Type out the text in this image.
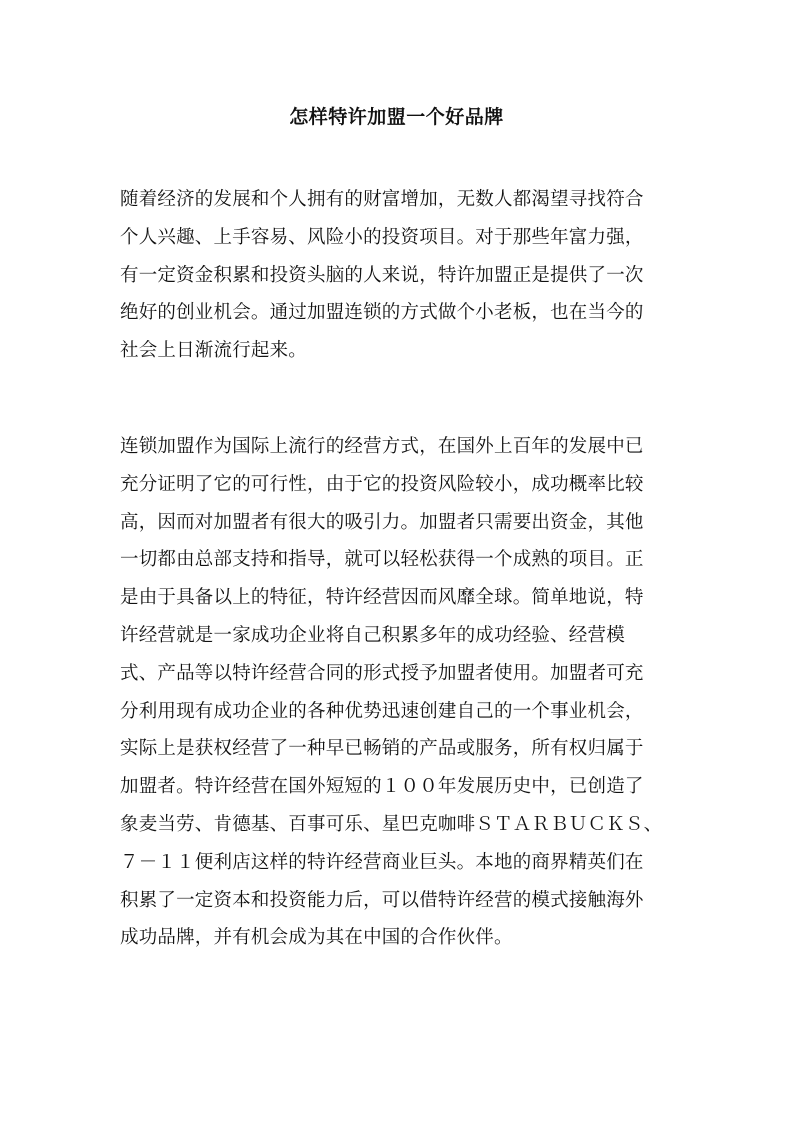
怎样特许加盟一个好品牌
随着经济的发展和个人拥有的财富增加，无数人都渴望寻找符合
个人兴趣、上手容易、风险小的投资项目。对于那些年富力强，
有一定资金积累和投资头脑的人来说，特许加盟正是提供了一次
绝好的创业机会。通过加盟连锁的方式做个小老板，也在当今的
社会上日渐流行起来。
连锁加盟作为国际上流行的经营方式，在国外上百年的发展中已
充分证明了它的可行性，由于它的投资风险较小，成功概率比较
高，因而对加盟者有很大的吸引力。加盟者只需要出资金，其他
一切都由总部支持和指导，就可以轻松获得一个成熟的项目。正
是由于具备以上的特征，特许经营因而风靡全球。简单地说，特
许经营就是一家成功企业将自己积累多年的成功经验、经营模
式、产品等以特许经营合同的形式授予加盟者使用。加盟者可充
分利用现有成功企业的各种优势迅速创建自己的一个事业机会，
实际上是获权经营了一种早已畅销的产品或服务，所有权归属于
加盟者。特许经营在国外短短的１００年发展历史中，已创造了
象麦当劳、肯德基、百事可乐、星巴克咖啡ＳＴＡＲＢＵＣＫＳ、
７－１１便利店这样的特许经营商业巨头。本地的商界精英们在
积累了一定资本和投资能力后，可以借特许经营的模式接触海外
成功品牌，并有机会成为其在中国的合作伙伴。
